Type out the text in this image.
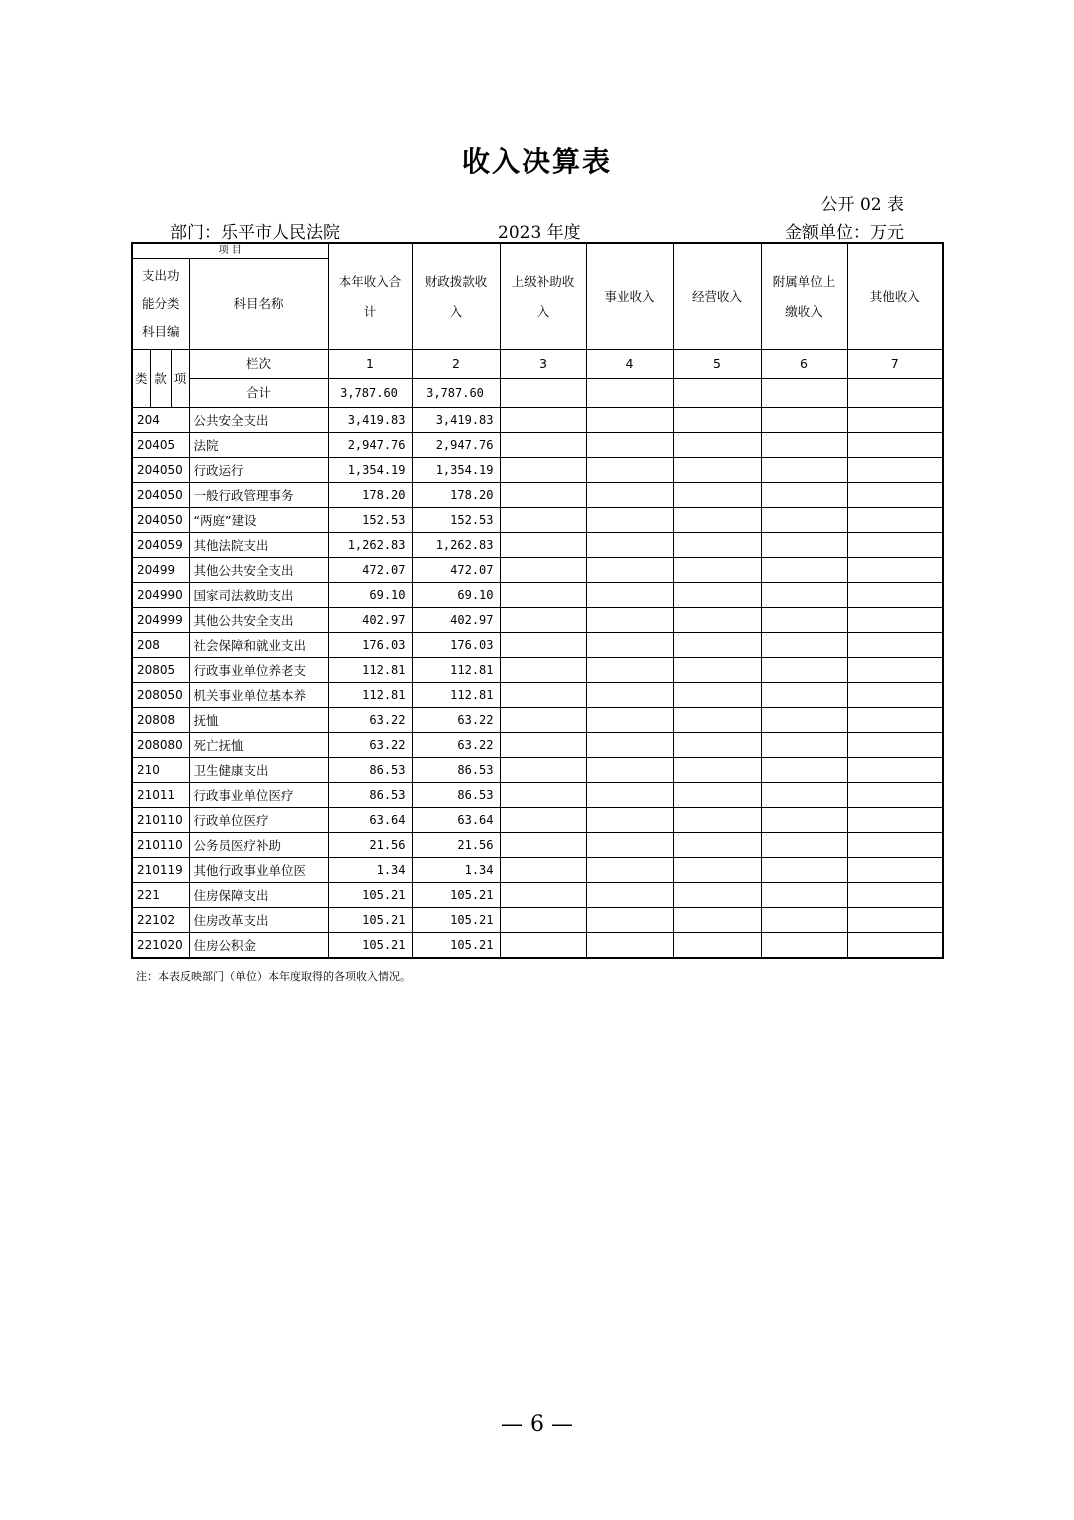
收入决算表
公开 02 表
部门：乐平市人民法院	2023 年度	金额单位：万元
项 目				本年收入合计	财政拨款收入	上级补助收入	事业收入	经营收入	附属单位上缴收入	其他收入
支出功能分类科目编			科目名称							
类	款	项	栏次	1	2	3	4	5	6	7
			合计	3,787.60	3,787.60					
204			公共安全支出	3,419.83	3,419.83					
20405			法院	2,947.76	2,947.76					
204050			行政运行	1,354.19	1,354.19					
204050			一般行政管理事务	178.20	178.20					
204050			“两庭”建设	152.53	152.53					
204059			其他法院支出	1,262.83	1,262.83					
20499			其他公共安全支出	472.07	472.07					
204990			国家司法救助支出	69.10	69.10					
204999			其他公共安全支出	402.97	402.97					
208			社会保障和就业支出	176.03	176.03					
20805			行政事业单位养老支	112.81	112.81					
208050			机关事业单位基本养	112.81	112.81					
20808			抚恤	63.22	63.22					
208080			死亡抚恤	63.22	63.22					
210			卫生健康支出	86.53	86.53					
21011			行政事业单位医疗	86.53	86.53					
210110			行政单位医疗	63.64	63.64					
210110			公务员医疗补助	21.56	21.56					
210119			其他行政事业单位医	1.34	1.34					
221			住房保障支出	105.21	105.21					
22102			住房改革支出	105.21	105.21					
221020			住房公积金	105.21	105.21					
注：本表反映部门（单位）本年度取得的各项收入情况。
— 6 —
